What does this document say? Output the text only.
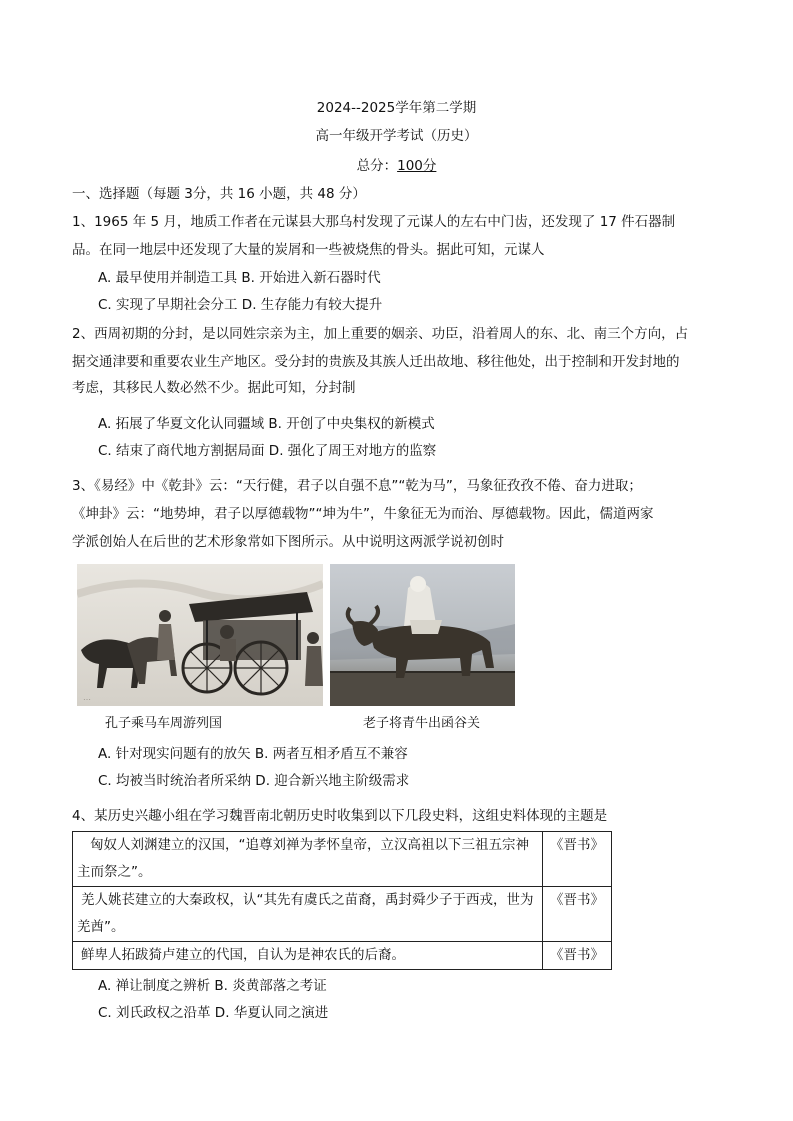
2024--2025学年第二学期
高一年级开学考试（历史）
总分：100分
一、选择题（每题 3分，共 16 小题，共 48 分）
1、1965 年 5 月，地质工作者在元谋县大那乌村发现了元谋人的左右中门齿，还发现了 17 件石器制
品。在同一地层中还发现了大量的炭屑和一些被烧焦的骨头。据此可知，元谋人
A. 最早使用并制造工具 B. 开始进入新石器时代
C. 实现了早期社会分工 D. 生存能力有较大提升
2、西周初期的分封，是以同姓宗亲为主，加上重要的姻亲、功臣，沿着周人的东、北、南三个方向，占
据交通津要和重要农业生产地区。受分封的贵族及其族人迁出故地、移往他处，出于控制和开发封地的
考虑，其移民人数必然不少。据此可知，分封制
A. 拓展了华夏文化认同疆域 B. 开创了中央集权的新模式
C. 结束了商代地方割据局面 D. 强化了周王对地方的监察
3、《易经》中《乾卦》云：“天行健，君子以自强不息”“乾为马”，马象征孜孜不倦、奋力进取；
《坤卦》云：“地势坤，君子以厚德载物”“坤为牛”，牛象征无为而治、厚德载物。因此，儒道两家
学派创始人在后世的艺术形象常如下图所示。从中说明这两派学说初创时
…
孔子乘马车周游列国	老子将青牛出函谷关
A. 针对现实问题有的放矢 B. 两者互相矛盾互不兼容
C. 均被当时统治者所采纳 D. 迎合新兴地主阶级需求
4、某历史兴趣小组在学习魏晋南北朝历史时收集到以下几段史料，这组史料体现的主题是
匈奴人刘渊建立的汉国，“追尊刘禅为孝怀皇帝，立汉高祖以下三祖五宗神主而祭之”。	《晋书》
羌人姚苌建立的大秦政权，认“其先有虞氏之苗裔，禹封舜少子于西戎，世为羌酋”。	《晋书》
鲜卑人拓跋猗卢建立的代国，自认为是神农氏的后裔。	《晋书》
A. 禅让制度之辨析 B. 炎黄部落之考证
C. 刘氏政权之沿革 D. 华夏认同之演进
